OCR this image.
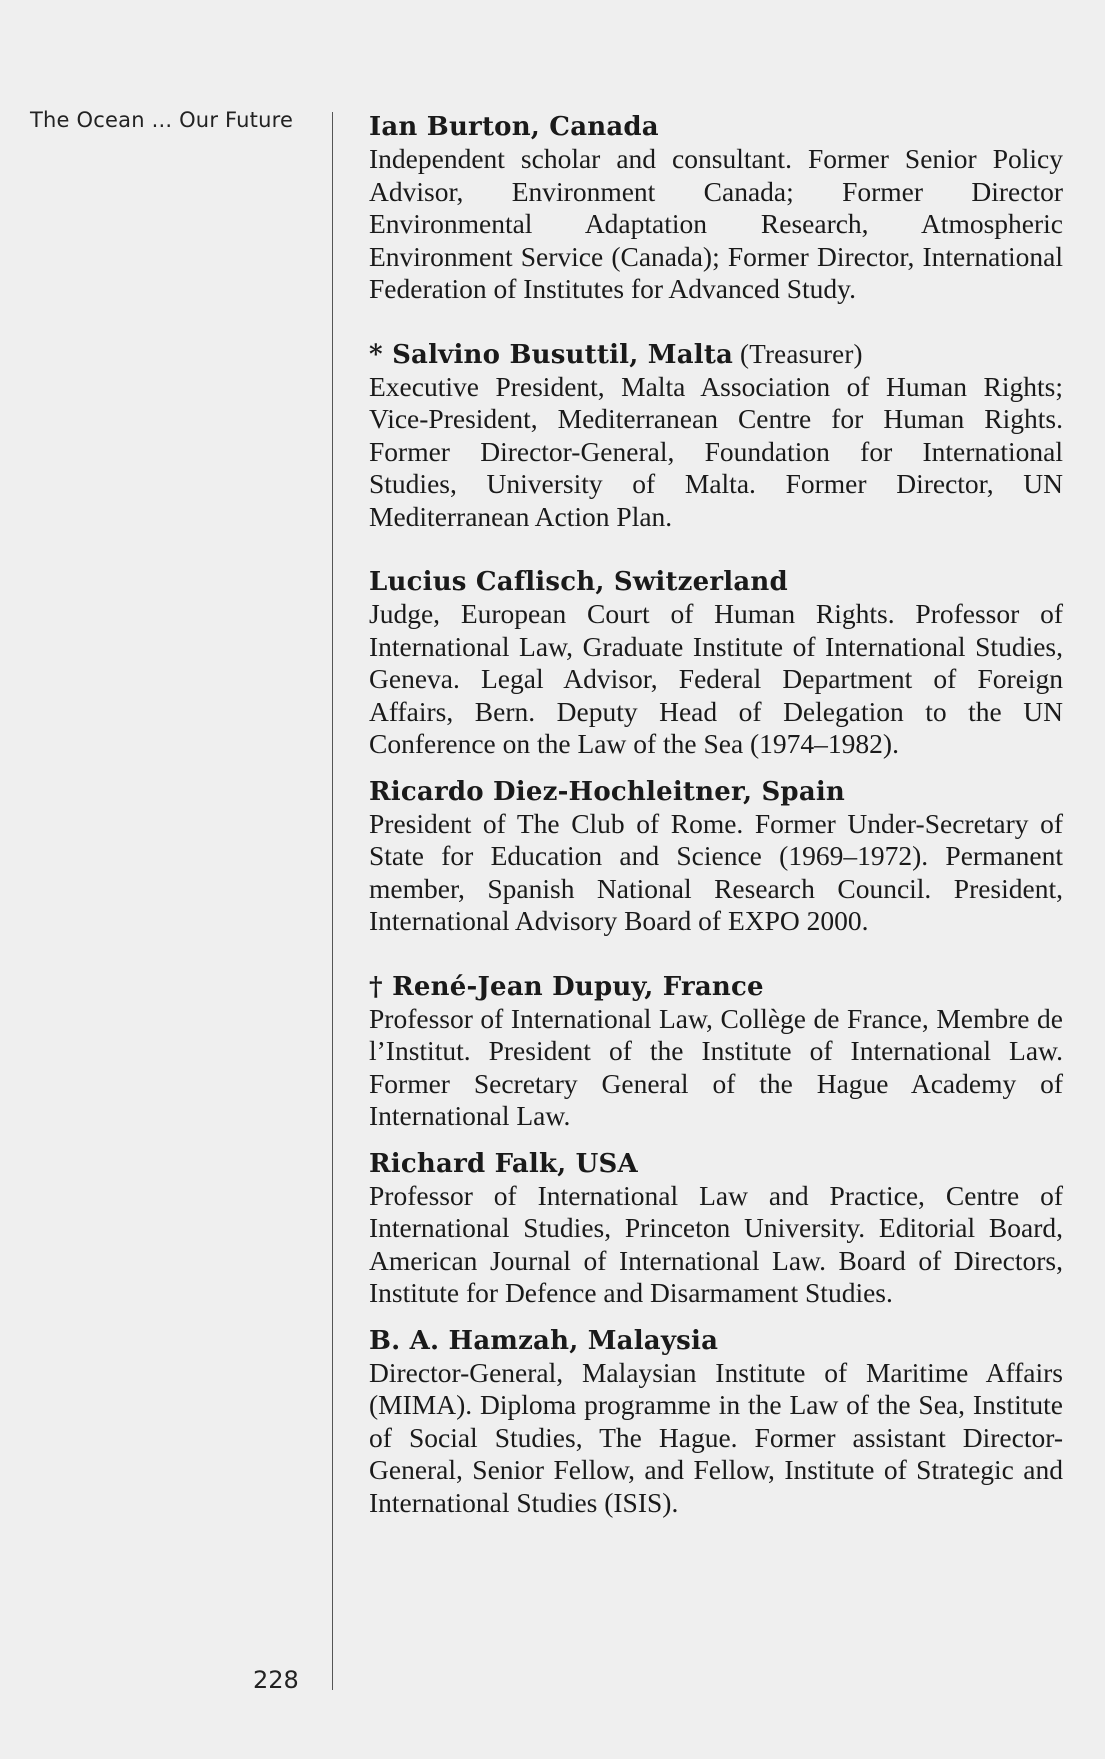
The Ocean ... Our Future	Ian Burton, Canada
Independent scholar and consultant. Former Senior Policy Advisor, Environment Canada; Former Director Environmental Adaptation Research, Atmospheric Environment Service (Canada); Former Director, International Federation of Institutes for Advanced Study.
* Salvino Busuttil, Malta (Treasurer)
Executive President, Malta Association of Human Rights; Vice-President, Mediterranean Centre for Human Rights. Former Director-General, Foundation for International Studies, University of Malta. Former Director, UN Mediterranean Action Plan.
Lucius Caflisch, Switzerland
Judge, European Court of Human Rights. Professor of International Law, Graduate Institute of International Studies, Geneva. Legal Advisor, Federal Department of Foreign Affairs, Bern. Deputy Head of Delegation to the UN Conference on the Law of the Sea (1974–1982).
Ricardo Diez-Hochleitner, Spain
President of The Club of Rome. Former Under-Secretary of State for Education and Science (1969–1972). Permanent member, Spanish National Research Council. President, International Advisory Board of EXPO 2000.
† René-Jean Dupuy, France
Professor of International Law, Collège de France, Membre de l’Institut. President of the Institute of International Law. Former Secretary General of the Hague Academy of International Law.
Richard Falk, USA
Professor of International Law and Practice, Centre of International Studies, Princeton University. Editorial Board, American Journal of International Law. Board of Directors, Institute for Defence and Disarmament Studies.
B. A. Hamzah, Malaysia
Director-General, Malaysian Institute of Maritime Affairs (MIMA). Diploma programme in the Law of the Sea, Institute of Social Studies, The Hague. Former assistant Director-General, Senior Fellow, and Fellow, Institute of Strategic and International Studies (ISIS).
228
